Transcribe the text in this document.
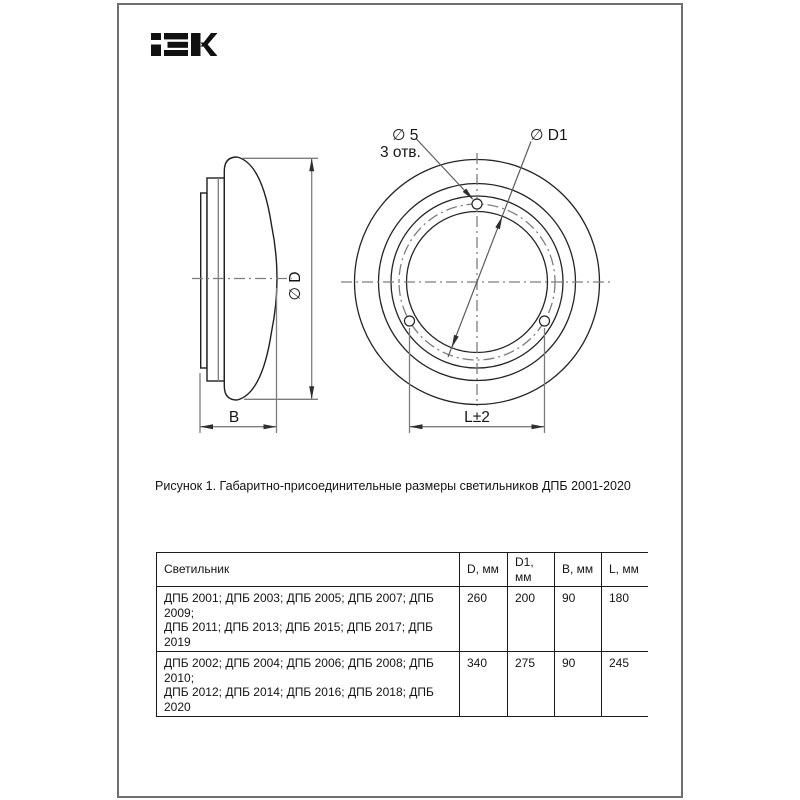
∅ D
B
∅ 5
3 отв.
∅ D1
L±2
Рисунок 1. Габаритно-присоединительные размеры светильников ДПБ 2001-2020
Светильник	D, мм	D1, мм	B, мм	L, мм

ДПБ 2001; ДПБ 2003; ДПБ 2005; ДПБ 2007; ДПБ 2009;
ДПБ 2011; ДПБ 2013; ДПБ 2015; ДПБ 2017; ДПБ 2019	260	200	90	180

ДПБ 2002; ДПБ 2004; ДПБ 2006; ДПБ 2008; ДПБ 2010;
ДПБ 2012; ДПБ 2014; ДПБ 2016; ДПБ 2018; ДПБ 2020	340	275	90	245
